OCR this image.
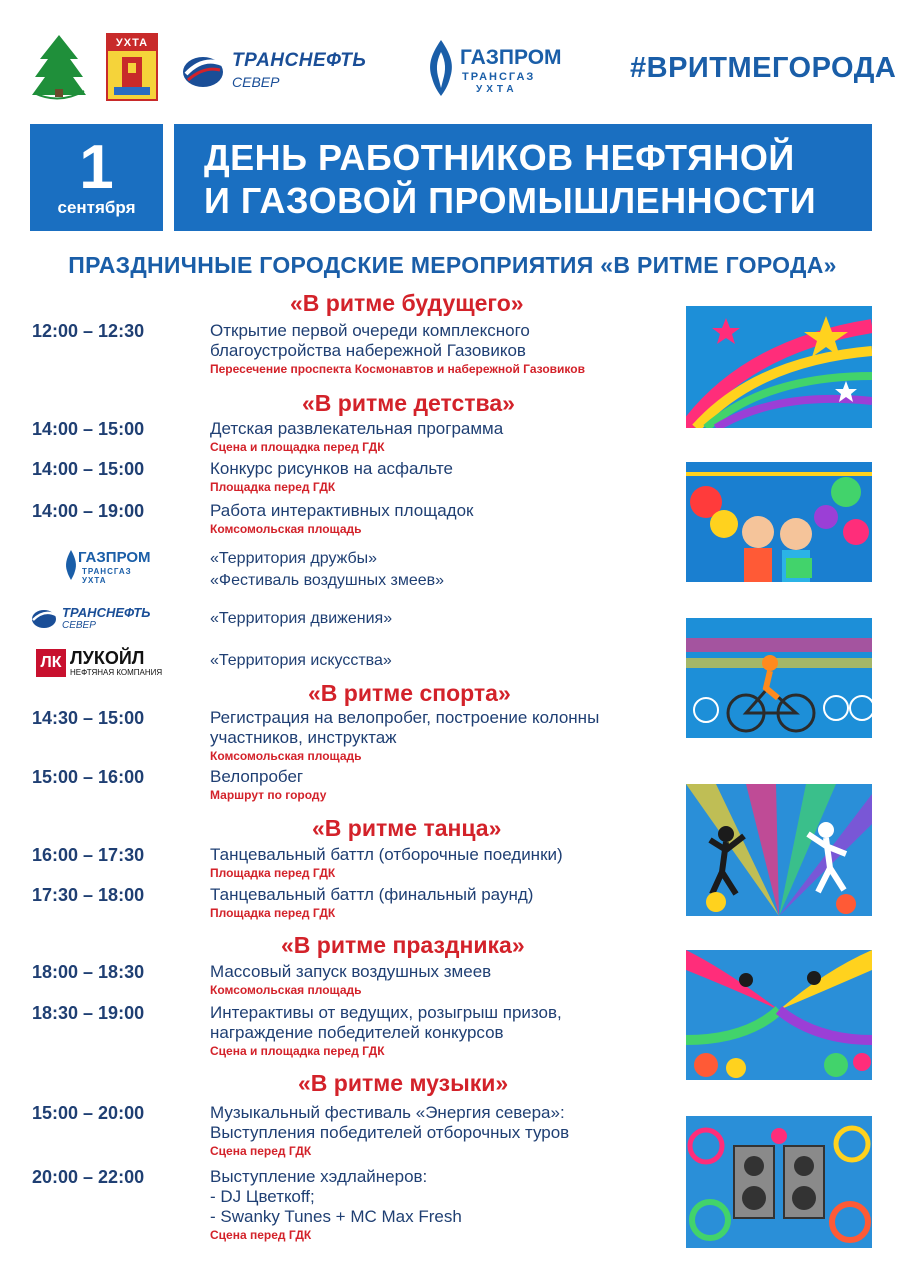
УХТА
ТРАНСНЕФТЬ
СЕВЕР
ГАЗПРОМ
ТРАНСГАЗ
УХТА
#ВРИТМЕГОРОДА
1
сентября
ДЕНЬ РАБОТНИКОВ НЕФТЯНОЙ
И ГАЗОВОЙ ПРОМЫШЛЕННОСТИ
ПРАЗДНИЧНЫЕ ГОРОДСКИЕ МЕРОПРИЯТИЯ «В РИТМЕ ГОРОДА»
«В ритме будущего»
12:00 – 12:30	Открытие первой очереди комплексного
благоустройства набережной Газовиков
Пересечение проспекта Космонавтов и набережной Газовиков
«В ритме детства»
14:00 – 15:00	Детская развлекательная программа
Сцена и площадка перед ГДК
14:00 – 15:00	Конкурс рисунков на асфальте
Площадка перед ГДК
14:00 – 19:00	Работа интерактивных площадок
Комсомольская площадь
ГАЗПРОМ
ТРАНСГАЗ УХТА
«Территория дружбы»
«Фестиваль воздушных змеев»
ТРАНСНЕФТЬ
СЕВЕР	«Территория движения»
ЛК ЛУКОЙЛ
НЕФТЯНАЯ КОМПАНИЯ
«Территория искусства»
«В ритме спорта»
14:30 – 15:00	Регистрация на велопробег, построение колонны
участников, инструктаж
Комсомольская площадь
15:00 – 16:00	Велопробег
Маршрут по городу
«В ритме танца»
16:00 – 17:30	Танцевальный баттл (отборочные поединки)
Площадка перед ГДК
17:30 – 18:00	Танцевальный баттл (финальный раунд)
Площадка перед ГДК
«В ритме праздника»
18:00 – 18:30	Массовый запуск воздушных змеев
Комсомольская площадь
18:30 – 19:00	Интерактивы от ведущих, розыгрыш призов,
награждение победителей конкурсов
Сцена и площадка перед ГДК
«В ритме музыки»
15:00 – 20:00	Музыкальный фестиваль «Энергия севера»:
Выступления победителей отборочных туров
Сцена перед ГДК
20:00 – 22:00	Выступление хэдлайнеров:
- DJ Цветкoff;
- Swanky Tunes + MC Max Fresh
Сцена перед ГДК
